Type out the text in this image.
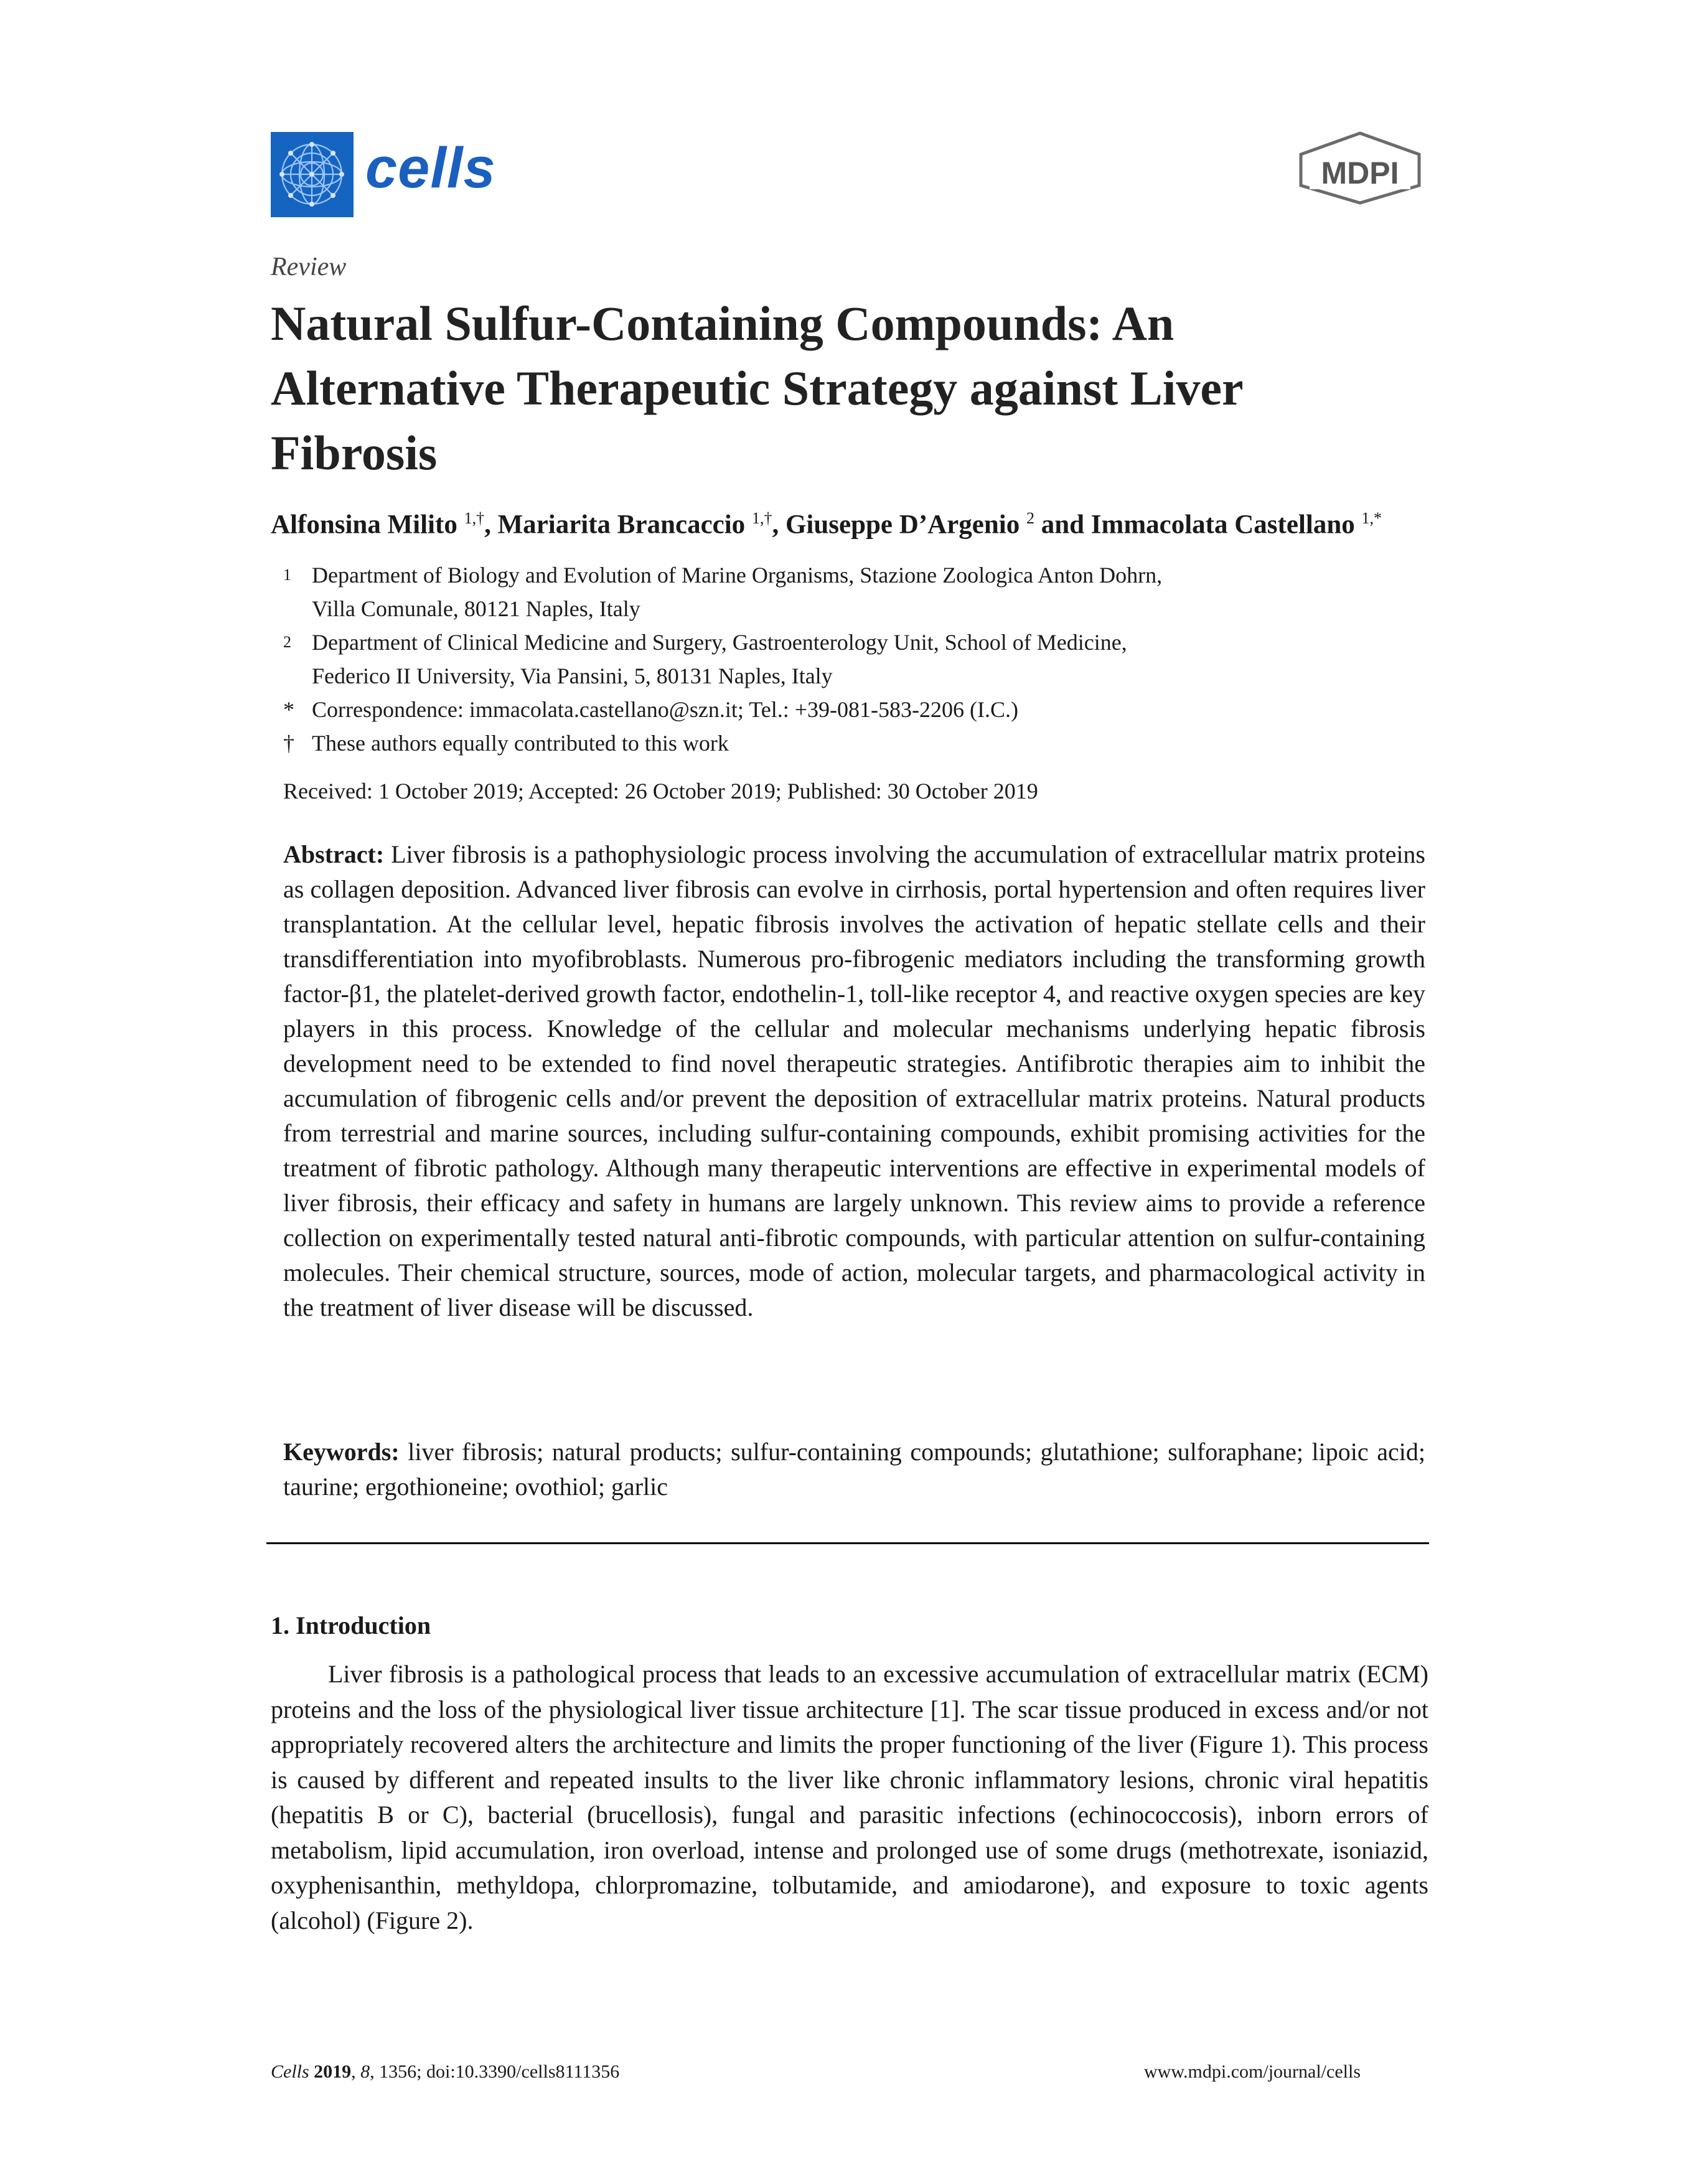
cells	MDPI
Review
Natural Sulfur-Containing Compounds: An
Alternative Therapeutic Strategy against Liver
Fibrosis
Alfonsina Milito $^{1,\dagger}$, Mariarita Brancaccio $^{1,\dagger}$, Giuseppe D’Argenio $^2$ and Immacolata Castellano $^{1,*}$
1 Department of Biology and Evolution of Marine Organisms, Stazione Zoologica Anton Dohrn,
Villa Comunale, 80121 Naples, Italy
2 Department of Clinical Medicine and Surgery, Gastroenterology Unit, School of Medicine,
Federico II University, Via Pansini, 5, 80131 Naples, Italy
* Correspondence: immacolata.castellano@szn.it; Tel.: +39-081-583-2206 (I.C.)
† These authors equally contributed to this work
Received: 1 October 2019; Accepted: 26 October 2019; Published: 30 October 2019
Abstract: Liver fibrosis is a pathophysiologic process involving the accumulation of extracellular matrix proteins as collagen deposition. Advanced liver fibrosis can evolve in cirrhosis, portal hypertension and often requires liver transplantation. At the cellular level, hepatic fibrosis involves the activation of hepatic stellate cells and their transdifferentiation into myofibroblasts. Numerous pro-fibrogenic mediators including the transforming growth factor-β1, the platelet-derived growth factor, endothelin-1, toll-like receptor 4, and reactive oxygen species are key players in this process. Knowledge of the cellular and molecular mechanisms underlying hepatic fibrosis development need to be extended to find novel therapeutic strategies. Antifibrotic therapies aim to inhibit the accumulation of fibrogenic cells and/or prevent the deposition of extracellular matrix proteins. Natural products from terrestrial and marine sources, including sulfur-containing compounds, exhibit promising activities for the treatment of fibrotic pathology. Although many therapeutic interventions are effective in experimental models of liver fibrosis, their efficacy and safety in humans are largely unknown. This review aims to provide a reference collection on experimentally tested natural anti-fibrotic compounds, with particular attention on sulfur-containing molecules. Their chemical structure, sources, mode of action, molecular targets, and pharmacological activity in the treatment of liver disease will be discussed.
Keywords: liver fibrosis; natural products; sulfur-containing compounds; glutathione; sulforaphane; lipoic acid; taurine; ergothioneine; ovothiol; garlic
1. Introduction
Liver fibrosis is a pathological process that leads to an excessive accumulation of extracellular matrix (ECM) proteins and the loss of the physiological liver tissue architecture [1]. The scar tissue produced in excess and/or not appropriately recovered alters the architecture and limits the proper functioning of the liver (Figure 1). This process is caused by different and repeated insults to the liver like chronic inflammatory lesions, chronic viral hepatitis (hepatitis B or C), bacterial (brucellosis), fungal and parasitic infections (echinococcosis), inborn errors of metabolism, lipid accumulation, iron overload, intense and prolonged use of some drugs (methotrexate, isoniazid, oxyphenisanthin, methyldopa, chlorpromazine, tolbutamide, and amiodarone), and exposure to toxic agents (alcohol) (Figure 2).
Cells 2019, 8, 1356; doi:10.3390/cells8111356	www.mdpi.com/journal/cells
